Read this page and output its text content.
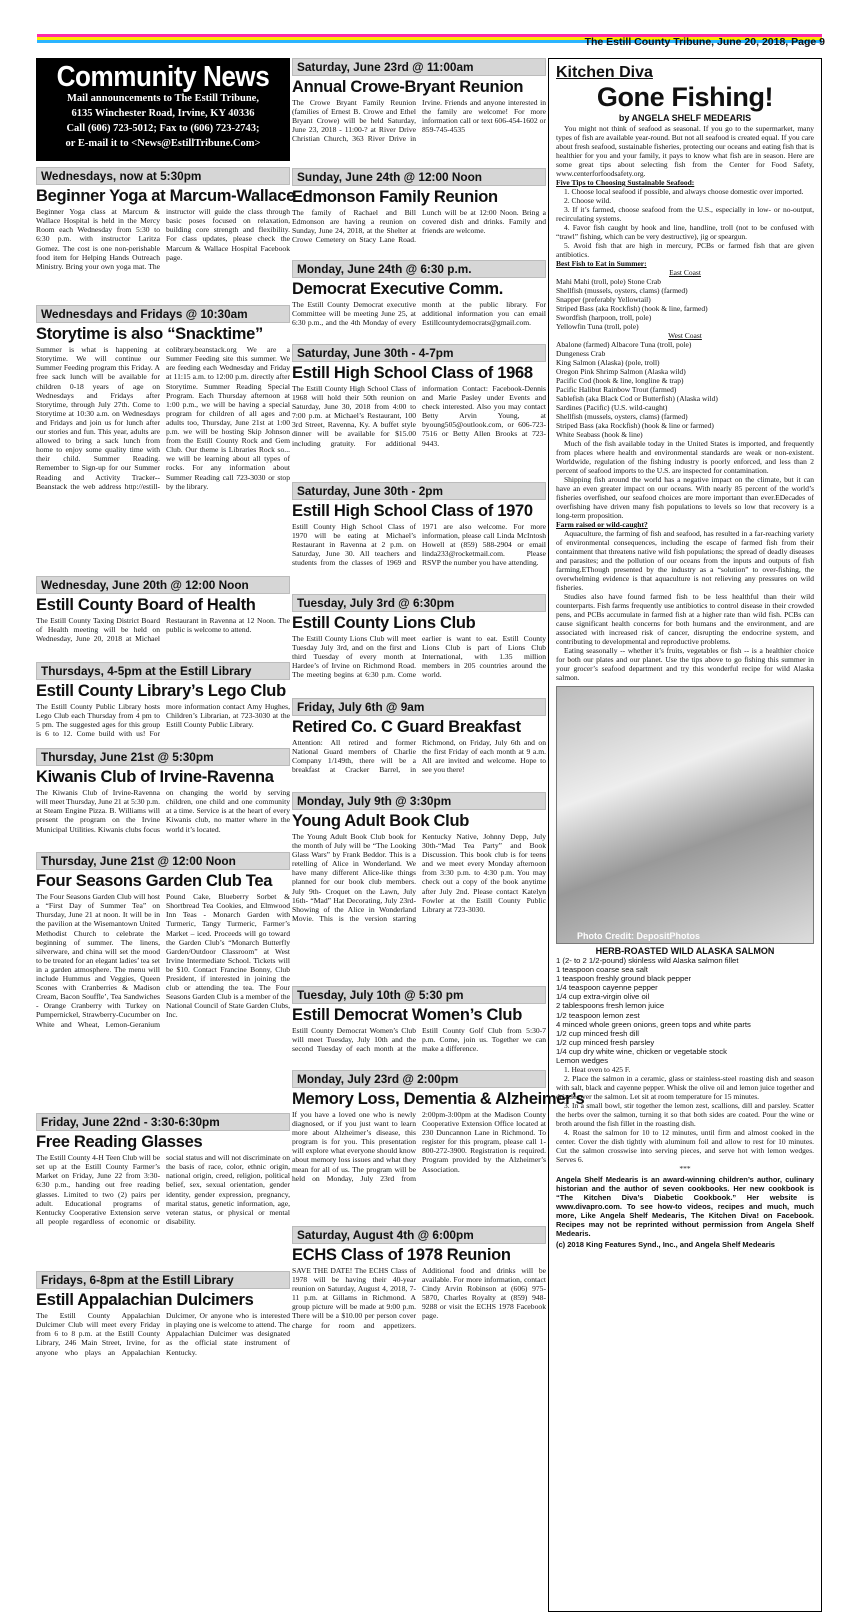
The Estill County Tribune, June 20, 2018, Page 9
Community News

Mail announcements to The Estill Tribune,

6135 Winchester Road, Irvine, KY 40336

Call (606) 723-5012; Fax to (606) 723-2743;

or E-mail it to <News@EstillTribune.Com>

Wednesdays, now at 5:30pm
Beginner Yoga at Marcum-Wallace
Beginner Yoga class at Marcum & Wallace Hospital is held in the Mercy Room each Wednesday from 5:30 to 6:30 p.m. with instructor Laritza Gomez. The cost is one non-perishable food item for Helping Hands Outreach Ministry. Bring your own yoga mat. The instructor will guide the class through basic poses focused on relaxation, building core strength and flexibility. For class updates, please check the Marcum & Wallace Hospital Facebook page.
Wednesdays and Fridays @ 10:30am
Storytime is also “Snacktime”
Summer is what is happening at Storytime. We will continue our Summer Feeding program this Friday. A free sack lunch will be available for children 0-18 years of age on Wednesdays and Fridays after Storytime, through July 27th. Come to Storytime at 10:30 a.m. on Wednesdays and Fridays and join us for lunch after our stories and fun. This year, adults are allowed to bring a sack lunch from home to enjoy some quality time with their child. Summer Reading. Remember to Sign-up for our Summer Reading and Activity Tracker--Beanstack the web address http://estill-colibrary.beanstack.org We are a Summer Feeding site this summer. We are feeding each Wednesday and Friday at 11:15 a.m. to 12:00 p.m. directly after Storytime. Summer Reading Special Program. Each Thursday afternoon at 1:00 p.m., we will be having a special program for children of all ages and adults too, Thursday, June 21st at 1:00 p.m. we will be hosting Skip Johnson from the Estill County Rock and Gem Club. Our theme is Libraries Rock so... we will be learning about all types of rocks. For any information about Summer Reading call 723-3030 or stop by the library.
Wednesday, June 20th @ 12:00 Noon
Estill County Board of Health
The Estill County Taxing District Board of Health meeting will be held on Wednesday, June 20, 2018 at Michael Restaurant in Ravenna at 12 Noon. The public is welcome to attend.
Thursdays, 4-5pm at the Estill Library
Estill County Library’s Lego Club
The Estill County Public Library hosts Lego Club each Thursday from 4 pm to 5 pm. The suggested ages for this group is 6 to 12. Come build with us! For more information contact Amy Hughes, Children’s Librarian, at 723-3030 at the Estill County Public Library.
Thursday, June 21st @ 5:30pm
Kiwanis Club of Irvine-Ravenna
The Kiwanis Club of Irvine-Ravenna will meet Thursday, June 21 at 5:30 p.m. at Steam Engine Pizza. B. Williams will present the program on the Irvine Municipal Utilities. Kiwanis clubs focus on changing the world by serving children, one child and one community at a time. Service is at the heart of every Kiwanis club, no matter where in the world it’s located.
Thursday, June 21st @ 12:00 Noon
Four Seasons Garden Club Tea
The Four Seasons Garden Club will host a “First Day of Summer Tea” on Thursday, June 21 at noon. It will be in the pavilion at the Wisemantown United Methodist Church to celebrate the beginning of summer. The linens, silverware, and china will set the mood to be treated for an elegant ladies’ tea set in a garden atmosphere. The menu will include Hummus and Veggies, Queen Scones with Cranberries & Madison Cream, Bacon Souffle’, Tea Sandwiches - Orange Cranberry with Turkey on Pumpernickel, Strawberry-Cucumber on White and Wheat, Lemon-Geranium Pound Cake, Blueberry Sorbet & Shortbread Tea Cookies, and Elmwood Inn Teas - Monarch Garden with Turmeric, Tangy Turmeric, Farmer’s Market – iced. Proceeds will go toward the Garden Club’s “Monarch Butterfly Garden/Outdoor Classroom” at West Irvine Intermediate School. Tickets will be $10. Contact Francine Bonny, Club President, if interested in joining the club or attending the tea. The Four Seasons Garden Club is a member of the National Council of State Garden Clubs, Inc.
Friday, June 22nd - 3:30-6:30pm
Free Reading Glasses
The Estill County 4-H Teen Club will be set up at the Estill County Farmer’s Market on Friday, June 22 from 3:30-6:30 p.m., handing out free reading glasses. Limited to two (2) pairs per adult. Educational programs of Kentucky Cooperative Extension serve all people regardless of economic or social status and will not discriminate on the basis of race, color, ethnic origin, national origin, creed, religion, political belief, sex, sexual orientation, gender identity, gender expression, pregnancy, marital status, genetic information, age, veteran status, or physical or mental disability.
Fridays, 6-8pm at the Estill Library
Estill Appalachian Dulcimers
The Estill County Appalachian Dulcimer Club will meet every Friday from 6 to 8 p.m. at the Estill County Library, 246 Main Street, Irvine, for anyone who plays an Appalachian Dulcimer, Or anyone who is interested in playing one is welcome to attend. The Appalachian Dulcimer was designated as the official state instrument of Kentucky.
Saturday, June 23rd @ 11:00am
Annual Crowe-Bryant Reunion
The Crowe Bryant Family Reunion (families of Ernest B. Crowe and Ethel Bryant Crowe) will be held Saturday, June 23, 2018 - 11:00-? at River Drive Christian Church, 363 River Drive in Irvine. Friends and anyone interested in the family are welcome! For more information call or text 606-454-1602 or 859-745-4535
Sunday, June 24th @ 12:00 Noon
Edmonson Family Reunion
The family of Rachael and Bill Edmonson are having a reunion on Sunday, June 24, 2018, at the Shelter at Crowe Cemetery on Stacy Lane Road. Lunch will be at 12:00 Noon. Bring a covered dish and drinks. Family and friends are welcome.
Monday, June 24th @ 6:30 p.m.
Democrat Executive Comm.
The Estill County Democrat executive Committee will be meeting June 25, at 6:30 p.m., and the 4th Monday of every month at the public library. For additional information you can email Estillcountydemocrats@gmail.com.
Saturday, June 30th - 4-7pm
Estill High School Class of 1968
The Estill County High School Class of 1968 will hold their 50th reunion on Saturday, June 30, 2018 from 4:00 to 7:00 p.m. at Michael’s Restaurant, 100 3rd Street, Ravenna, Ky. A buffet style dinner will be available for $15.00 including gratuity. For additional information Contact: Facebook-Dennis and Marie Pasley under Events and check interested. Also you may contact Betty Arvin Young, at byoung505@outlook.com, or 606-723-7516 or Betty Allen Brooks at 723-9443.
Saturday, June 30th - 2pm
Estill High School Class of 1970
Estill County High School Class of 1970 will be eating at Michael’s Restaurant in Ravenna at 2 p.m. on Saturday, June 30. All teachers and students from the classes of 1969 and 1971 are also welcome. For more information, please call Linda McIntosh Howell at (859) 588-2904 or email linda233@rocketmail.com. Please RSVP the number you have attending.
Tuesday, July 3rd @ 6:30pm
Estill County Lions Club
The Estill County Lions Club will meet Tuesday July 3rd, and on the first and third Tuesday of every month at Hardee’s of Irvine on Richmond Road. The meeting begins at 6:30 p.m. Come earlier is want to eat. Estill County Lions Club is part of Lions Club International, with 1.35 million members in 205 countries around the world.
Friday, July 6th @ 9am
Retired Co. C Guard Breakfast
Attention: All retired and former National Guard members of Charlie Company 1/149th, there will be a breakfast at Cracker Barrel, in Richmond, on Friday, July 6th and on the first Friday of each month at 9 a.m. All are invited and welcome. Hope to see you there!
Monday, July 9th @ 3:30pm
Young Adult Book Club
The Young Adult Book Club book for the month of July will be “The Looking Glass Wars” by Frank Beddor. This is a retelling of Alice in Wonderland. We have many different Alice-like things planned for our book club members. July 9th- Croquet on the Lawn, July 16th- “Mad” Hat Decorating, July 23rd- Showing of the Alice in Wonderland Movie. This is the version starring Kentucky Native, Johnny Depp, July 30th-“Mad Tea Party” and Book Discussion. This book club is for teens and we meet every Monday afternoon from 3:30 p.m. to 4:30 p.m. You may check out a copy of the book anytime after July 2nd. Please contact Katelyn Fowler at the Estill County Public Library at 723-3030.
Tuesday, July 10th @ 5:30 pm
Estill Democrat Women’s Club
Estill County Democrat Women’s Club will meet Tuesday, July 10th and the second Tuesday of each month at the Estill County Golf Club from 5:30-7 p.m. Come, join us. Together we can make a difference.
Monday, July 23rd @ 2:00pm
Memory Loss, Dementia & Alzheimer’s
If you have a loved one who is newly diagnosed, or if you just want to learn more about Alzheimer’s disease, this program is for you. This presentation will explore what everyone should know about memory loss issues and what they mean for all of us. The program will be held on Monday, July 23rd from 2:00pm-3:00pm at the Madison County Cooperative Extension Office located at 230 Duncannon Lane in Richmond. To register for this program, please call 1-800-272-3900. Registration is required. Program provided by the Alzheimer’s Association.
Saturday, August 4th @ 6:00pm
ECHS Class of 1978 Reunion
SAVE THE DATE! The ECHS Class of 1978 will be having their 40-year reunion on Saturday, August 4, 2018, 7-11 p.m. at Gillams in Richmond. A group picture will be made at 9:00 p.m. There will be a $10.00 per person cover charge for room and appetizers. Additional food and drinks will be available. For more information, contact Cindy Arvin Robinson at (606) 975-5870, Charles Royalty at (859) 948-9288 or visit the ECHS 1978 Facebook page.
Kitchen Diva
Gone Fishing!
by ANGELA SHELF MEDEARIS

You might not think of seafood as seasonal. If you go to the supermarket, many types of fish are available year-round. But not all seafood is created equal. If you care about fresh seafood, sustainable fisheries, protecting our oceans and eating fish that is healthier for you and your family, it pays to know what fish are in season. Here are some great tips about selecting fish from the Center for Food Safety, www.centerforfoodsafety.org.

Five Tips to Choosing Sustainable Seafood:

1. Choose local seafood if possible, and always choose domestic over imported.

2. Choose wild.

3. If it’s farmed, choose seafood from the U.S., especially in low- or no-output, recirculating systems.

4. Favor fish caught by hook and line, handline, troll (not to be confused with “trawl” fishing, which can be very destructive), jig or speargun.

5. Avoid fish that are high in mercury, PCBs or farmed fish that are given antibiotics.

Best Fish to Eat in Summer:

East Coast

Mahi Mahi (troll, pole) Stone Crab

Shellfish (mussels, oysters, clams) (farmed)

Snapper (preferably Yellowtail)

Striped Bass (aka Rockfish) (hook & line, farmed)

Swordfish (harpoon, troll, pole)

Yellowfin Tuna (troll, pole)

West Coast

Abalone (farmed) Albacore Tuna (troll, pole)

Dungeness Crab

King Salmon (Alaska) (pole, troll)

Oregon Pink Shrimp Salmon (Alaska wild)

Pacific Cod (hook & line, longline & trap)

Pacific Halibut Rainbow Trout (farmed)

Sablefish (aka Black Cod or Butterfish) (Alaska wild)

Sardines (Pacific) (U.S. wild-caught)

Shellfish (mussels, oysters, clams) (farmed)

Striped Bass (aka Rockfish) (hook & line or farmed)

White Seabass (hook & line)

Much of the fish available today in the United States is imported, and frequently from places where health and environmental standards are weak or non-existent. Worldwide, regulation of the fishing industry is poorly enforced, and less than 2 percent of seafood imports to the U.S. are inspected for contamination.

Shipping fish around the world has a negative impact on the climate, but it can have an even greater impact on our oceans. With nearly 85 percent of the world’s fisheries overfished, our seafood choices are more important than ever.EDecades of overfishing have driven many fish populations to levels so low that recovery is a long-term proposition.

Farm raised or wild-caught?

Aquaculture, the farming of fish and seafood, has resulted in a far-reaching variety of environmental consequences, including the escape of farmed fish from their containment that threatens native wild fish populations; the spread of deadly diseases and parasites; and the pollution of our oceans from the inputs and outputs of fish farming.EThough presented by the industry as a “solution” to over-fishing, the overwhelming evidence is that aquaculture is not relieving any pressures on wild fisheries.

Studies also have found farmed fish to be less healthful than their wild counterparts. Fish farms frequently use antibiotics to control disease in their crowded pens, and PCBs accumulate in farmed fish at a higher rate than wild fish. PCBs can cause significant health concerns for both humans and the environment, and are associated with increased risk of cancer, disrupting the endocrine system, and contributing to developmental and reproductive problems.

Eating seasonally -- whether it’s fruits, vegetables or fish -- is a healthier choice for both our plates and our planet. Use the tips above to go fishing this summer in your grocer’s seafood department and try this wonderful recipe for wild Alaska salmon.

Photo Credit: DepositPhotos
HERB-ROASTED WILD ALASKA SALMON
1 (2- to 2 1/2-pound) skinless wild Alaska salmon fillet
1 teaspoon coarse sea salt
1 teaspoon freshly ground black pepper
1/4 teaspoon cayenne pepper
1/4 cup extra-virgin olive oil
2 tablespoons fresh lemon juice
1/2 teaspoon lemon zest
4 minced whole green onions, green tops and white parts
1/2 cup minced fresh dill
1/2 cup minced fresh parsley
1/4 cup dry white wine, chicken or vegetable stock
Lemon wedges

1. Heat oven to 425 F.

2. Place the salmon in a ceramic, glass or stainless-steel roasting dish and season with salt, black and cayenne pepper. Whisk the olive oil and lemon juice together and drizzle over the salmon. Let sit at room temperature for 15 minutes.

3. In a small bowl, stir together the lemon zest, scallions, dill and parsley. Scatter the herbs over the salmon, turning it so that both sides are coated. Pour the wine or broth around the fish fillet in the roasting dish.

4. Roast the salmon for 10 to 12 minutes, until firm and almost cooked in the center. Cover the dish tightly with aluminum foil and allow to rest for 10 minutes. Cut the salmon crosswise into serving pieces, and serve hot with lemon wedges. Serves 6.

***

Angela Shelf Medearis is an award-winning children’s author, culinary historian and the author of seven cookbooks. Her new cookbook is “The Kitchen Diva’s Diabetic Cookbook.” Her website is www.divapro.com. To see how-to videos, recipes and much, much more, Like Angela Shelf Medearis, The Kitchen Diva! on Facebook. Recipes may not be reprinted without permission from Angela Shelf Medearis.
(c) 2018 King Features Synd., Inc., and Angela Shelf Medearis
